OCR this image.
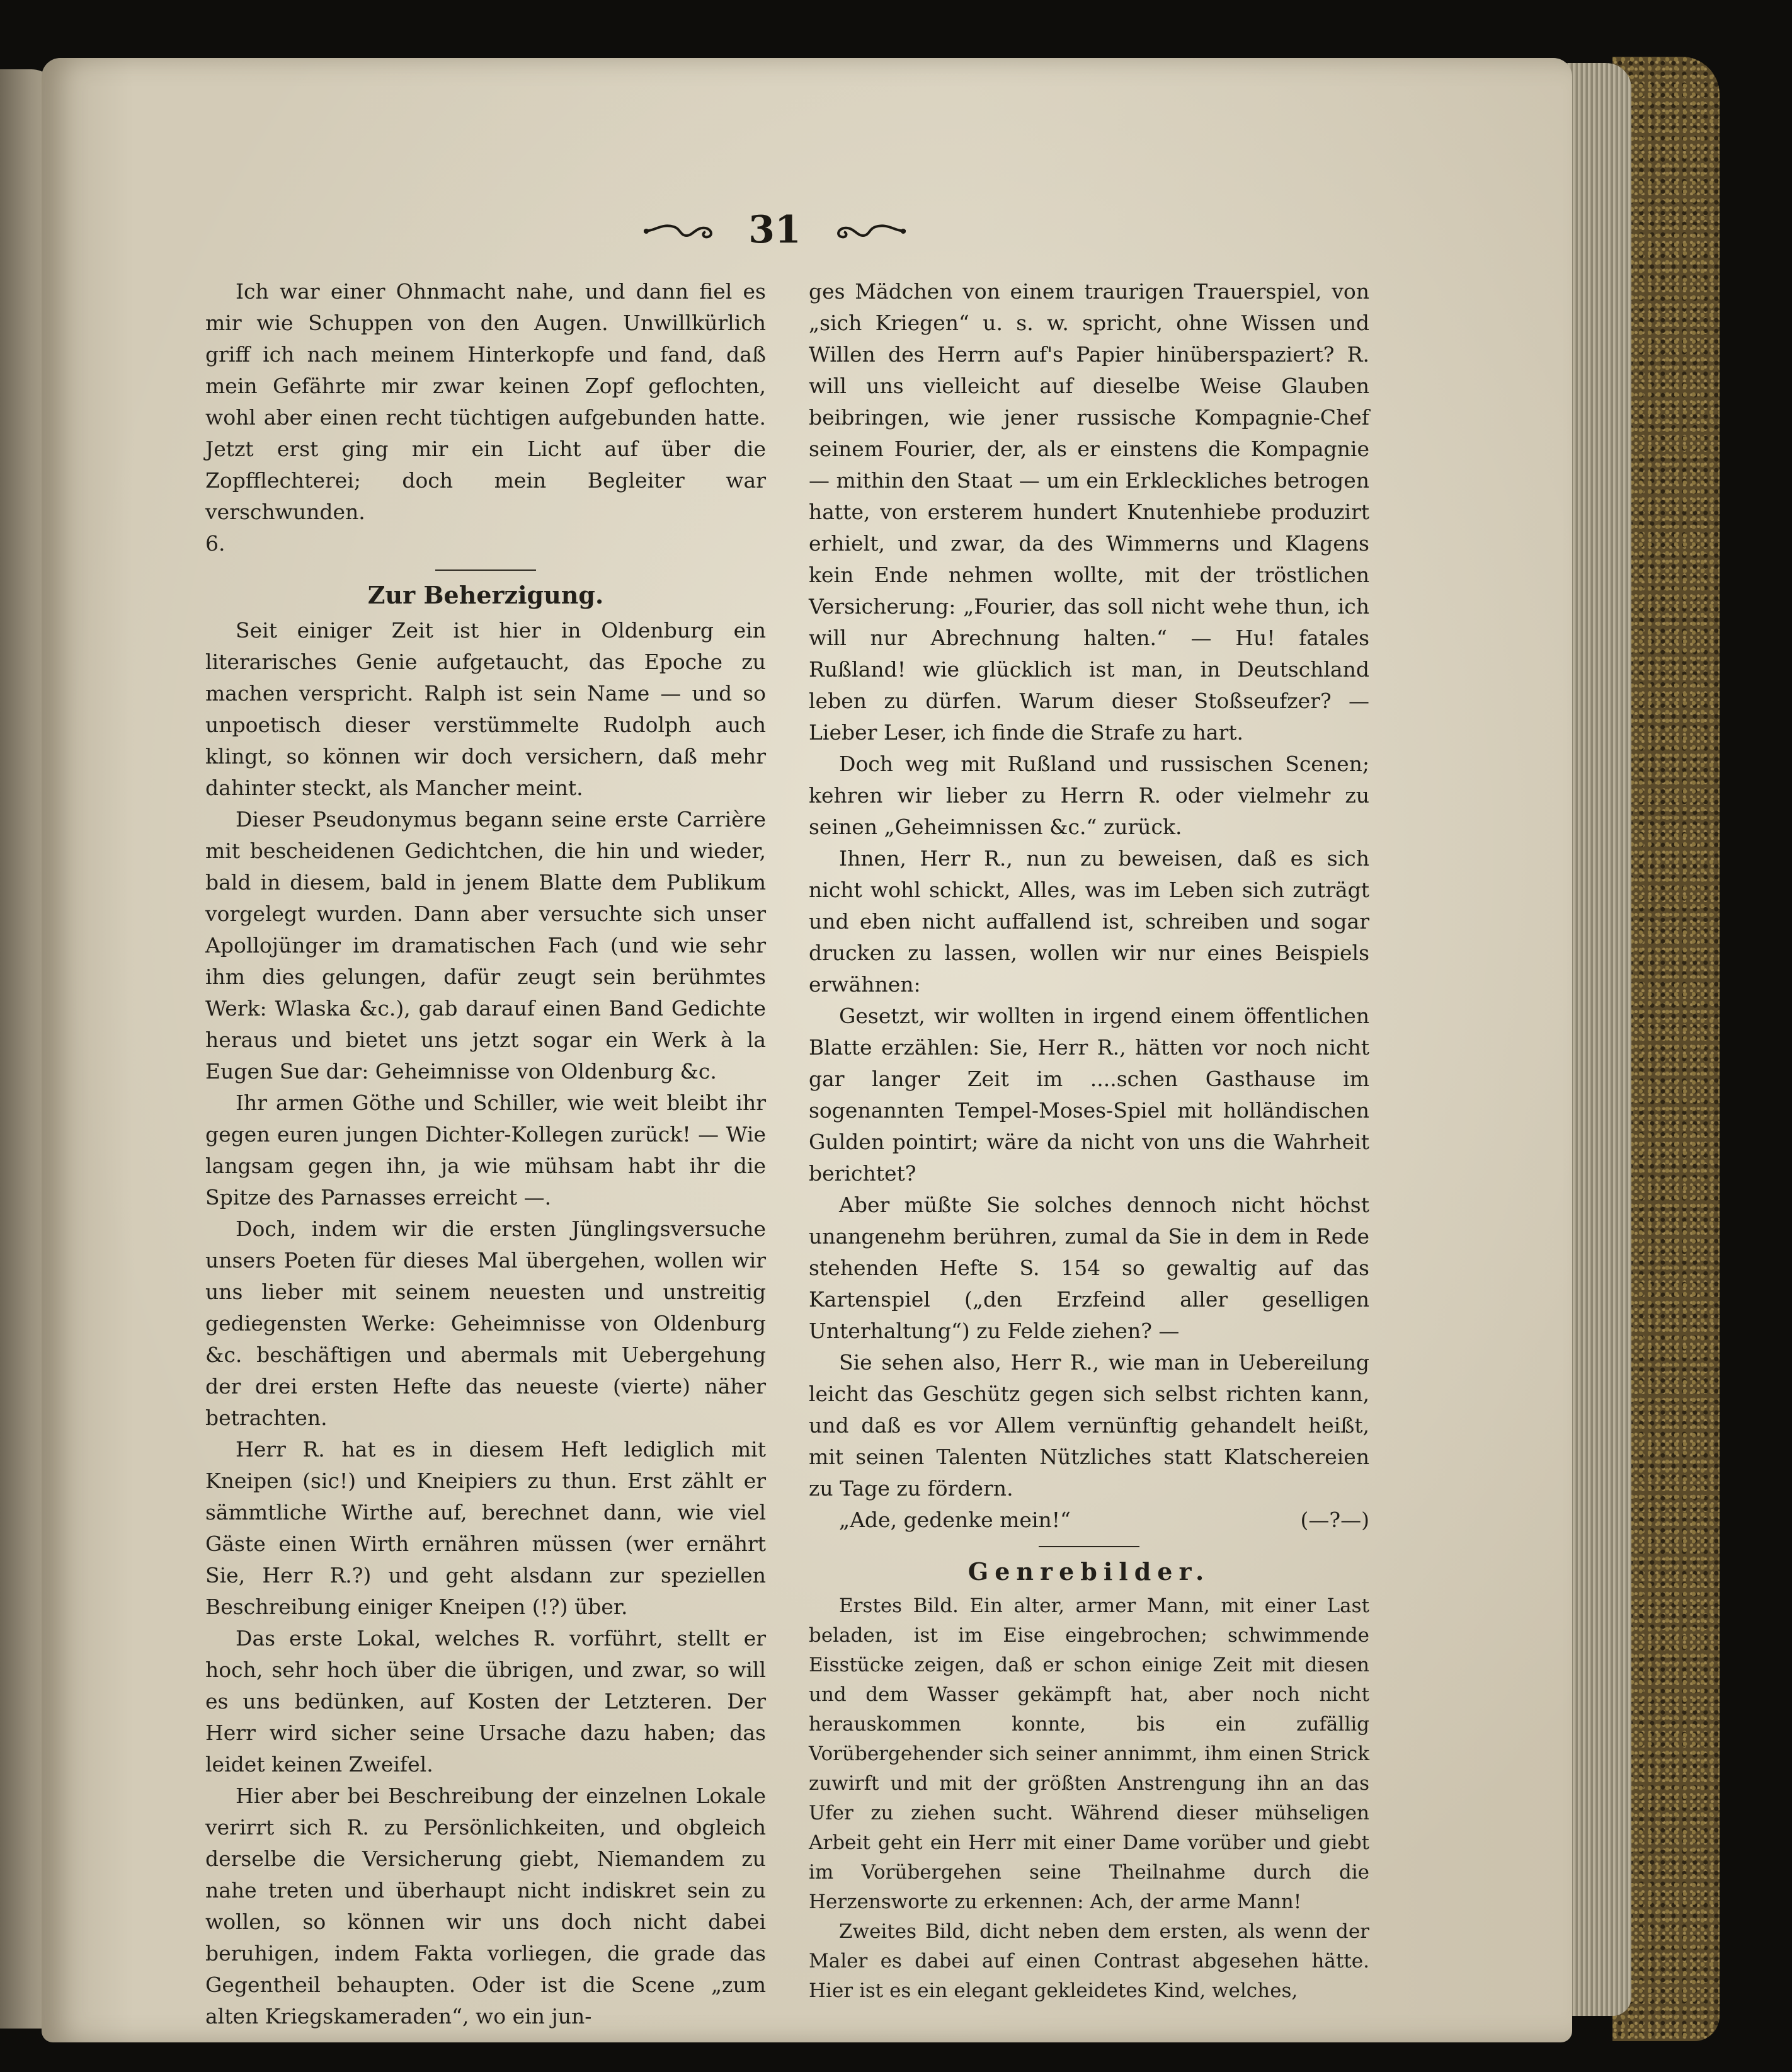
31

Ich war einer Ohnmacht nahe, und dann fiel es mir wie Schuppen von den Augen. Unwillkürlich griff ich nach meinem Hinterkopfe und fand, daß mein Gefährte mir zwar keinen Zopf geflochten, wohl aber einen recht tüchtigen aufgebunden hatte. Jetzt erst ging mir ein Licht auf über die Zopfflechterei; doch mein Begleiter war verschwunden.

6.

Zur Beherzigung.

Seit einiger Zeit ist hier in Oldenburg ein literarisches Genie aufgetaucht, das Epoche zu machen verspricht. Ralph ist sein Name — und so unpoetisch dieser verstümmelte Rudolph auch klingt, so können wir doch versichern, daß mehr dahinter steckt, als Mancher meint.

Dieser Pseudonymus begann seine erste Carrière mit bescheidenen Gedichtchen, die hin und wieder, bald in diesem, bald in jenem Blatte dem Publikum vorgelegt wurden. Dann aber versuchte sich unser Apollojünger im dramatischen Fach (und wie sehr ihm dies gelungen, dafür zeugt sein berühmtes Werk: Wlaska &c.), gab darauf einen Band Gedichte heraus und bietet uns jetzt sogar ein Werk à la Eugen Sue dar: Geheimnisse von Oldenburg &c.

Ihr armen Göthe und Schiller, wie weit bleibt ihr gegen euren jungen Dichter-Kollegen zurück! — Wie langsam gegen ihn, ja wie mühsam habt ihr die Spitze des Parnasses erreicht —.

Doch, indem wir die ersten Jünglingsversuche unsers Poeten für dieses Mal übergehen, wollen wir uns lieber mit seinem neuesten und unstreitig gediegensten Werke: Geheimnisse von Oldenburg &c. beschäftigen und abermals mit Uebergehung der drei ersten Hefte das neueste (vierte) näher betrachten.

Herr R. hat es in diesem Heft lediglich mit Kneipen (sic!) und Kneipiers zu thun. Erst zählt er sämmtliche Wirthe auf, berechnet dann, wie viel Gäste einen Wirth ernähren müssen (wer ernährt Sie, Herr R.?) und geht alsdann zur speziellen Beschreibung einiger Kneipen (!?) über.

Das erste Lokal, welches R. vorführt, stellt er hoch, sehr hoch über die übrigen, und zwar, so will es uns bedünken, auf Kosten der Letzteren. Der Herr wird sicher seine Ursache dazu haben; das leidet keinen Zweifel.

Hier aber bei Beschreibung der einzelnen Lokale verirrt sich R. zu Persönlichkeiten, und obgleich derselbe die Versicherung giebt, Niemandem zu nahe treten und überhaupt nicht indiskret sein zu wollen, so können wir uns doch nicht dabei beruhigen, indem Fakta vorliegen, die grade das Gegentheil behaupten. Oder ist die Scene „zum alten Kriegskameraden“, wo ein jun-

ges Mädchen von einem traurigen Trauerspiel, von „sich Kriegen“ u. s. w. spricht, ohne Wissen und Willen des Herrn auf's Papier hinüberspaziert? R. will uns vielleicht auf dieselbe Weise Glauben beibringen, wie jener russische Kompagnie-Chef seinem Fourier, der, als er einstens die Kompagnie — mithin den Staat — um ein Erkleckliches betrogen hatte, von ersterem hundert Knutenhiebe produzirt erhielt, und zwar, da des Wimmerns und Klagens kein Ende nehmen wollte, mit der tröstlichen Versicherung: „Fourier, das soll nicht wehe thun, ich will nur Abrechnung halten.“ — Hu! fatales Rußland! wie glücklich ist man, in Deutschland leben zu dürfen. Warum dieser Stoßseufzer? — Lieber Leser, ich finde die Strafe zu hart.

Doch weg mit Rußland und russischen Scenen; kehren wir lieber zu Herrn R. oder vielmehr zu seinen „Geheimnissen &c.“ zurück.

Ihnen, Herr R., nun zu beweisen, daß es sich nicht wohl schickt, Alles, was im Leben sich zuträgt und eben nicht auffallend ist, schreiben und sogar drucken zu lassen, wollen wir nur eines Beispiels erwähnen:

Gesetzt, wir wollten in irgend einem öffentlichen Blatte erzählen: Sie, Herr R., hätten vor noch nicht gar langer Zeit im ....schen Gasthause im sogenannten Tempel-Moses-Spiel mit holländischen Gulden pointirt; wäre da nicht von uns die Wahrheit berichtet?

Aber müßte Sie solches dennoch nicht höchst unangenehm berühren, zumal da Sie in dem in Rede stehenden Hefte S. 154 so gewaltig auf das Kartenspiel („den Erzfeind aller geselligen Unterhaltung“) zu Felde ziehen? —

Sie sehen also, Herr R., wie man in Uebereilung leicht das Geschütz gegen sich selbst richten kann, und daß es vor Allem vernünftig gehandelt heißt, mit seinen Talenten Nützliches statt Klatschereien zu Tage zu fördern.

„Ade, gedenke mein!“	(—?—)
Genrebilder.

Erstes Bild. Ein alter, armer Mann, mit einer Last beladen, ist im Eise eingebrochen; schwimmende Eisstücke zeigen, daß er schon einige Zeit mit diesen und dem Wasser gekämpft hat, aber noch nicht herauskommen konnte, bis ein zufällig Vorübergehender sich seiner annimmt, ihm einen Strick zuwirft und mit der größten Anstrengung ihn an das Ufer zu ziehen sucht. Während dieser mühseligen Arbeit geht ein Herr mit einer Dame vorüber und giebt im Vorübergehen seine Theilnahme durch die Herzensworte zu erkennen: Ach, der arme Mann!

Zweites Bild, dicht neben dem ersten, als wenn der Maler es dabei auf einen Contrast abgesehen hätte. Hier ist es ein elegant gekleidetes Kind, welches,
